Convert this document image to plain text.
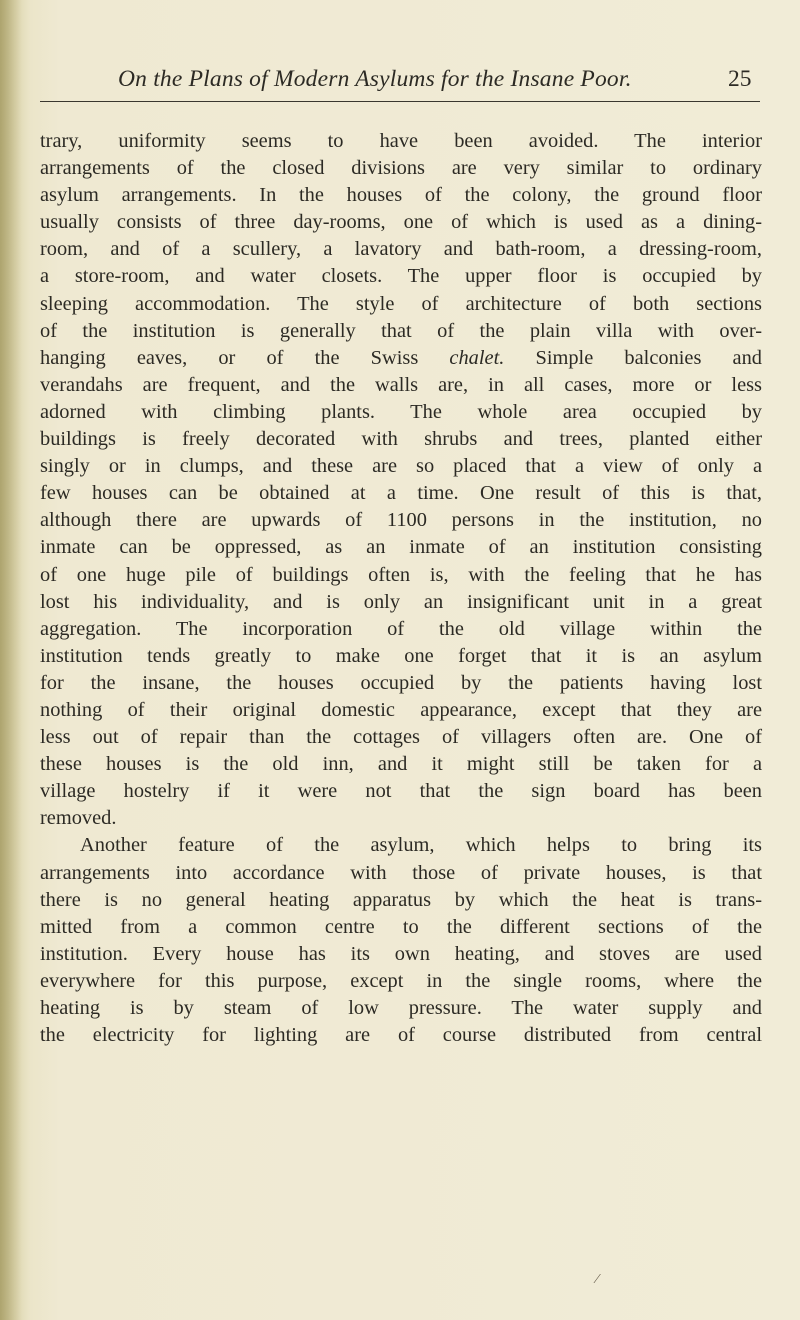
On the Plans of Modern Asylums for the Insane Poor.	25
trary, uniformity seems to have been avoided. The interior
arrangements of the closed divisions are very similar to ordinary
asylum arrangements. In the houses of the colony, the ground floor
usually consists of three day-rooms, one of which is used as a dining-
room, and of a scullery, a lavatory and bath-room, a dressing-room,
a store-room, and water closets. The upper floor is occupied by
sleeping accommodation. The style of architecture of both sections
of the institution is generally that of the plain villa with over-
hanging eaves, or of the Swiss chalet. Simple balconies and
verandahs are frequent, and the walls are, in all cases, more or less
adorned with climbing plants. The whole area occupied by
buildings is freely decorated with shrubs and trees, planted either
singly or in clumps, and these are so placed that a view of only a
few houses can be obtained at a time. One result of this is that,
although there are upwards of 1100 persons in the institution, no
inmate can be oppressed, as an inmate of an institution consisting
of one huge pile of buildings often is, with the feeling that he has
lost his individuality, and is only an insignificant unit in a great
aggregation. The incorporation of the old village within the
institution tends greatly to make one forget that it is an asylum
for the insane, the houses occupied by the patients having lost
nothing of their original domestic appearance, except that they are
less out of repair than the cottages of villagers often are. One of
these houses is the old inn, and it might still be taken for a
village hostelry if it were not that the sign board has been
removed.
Another feature of the asylum, which helps to bring its
arrangements into accordance with those of private houses, is that
there is no general heating apparatus by which the heat is trans-
mitted from a common centre to the different sections of the
institution. Every house has its own heating, and stoves are used
everywhere for this purpose, except in the single rooms, where the
heating is by steam of low pressure. The water supply and
the electricity for lighting are of course distributed from central
⁄
